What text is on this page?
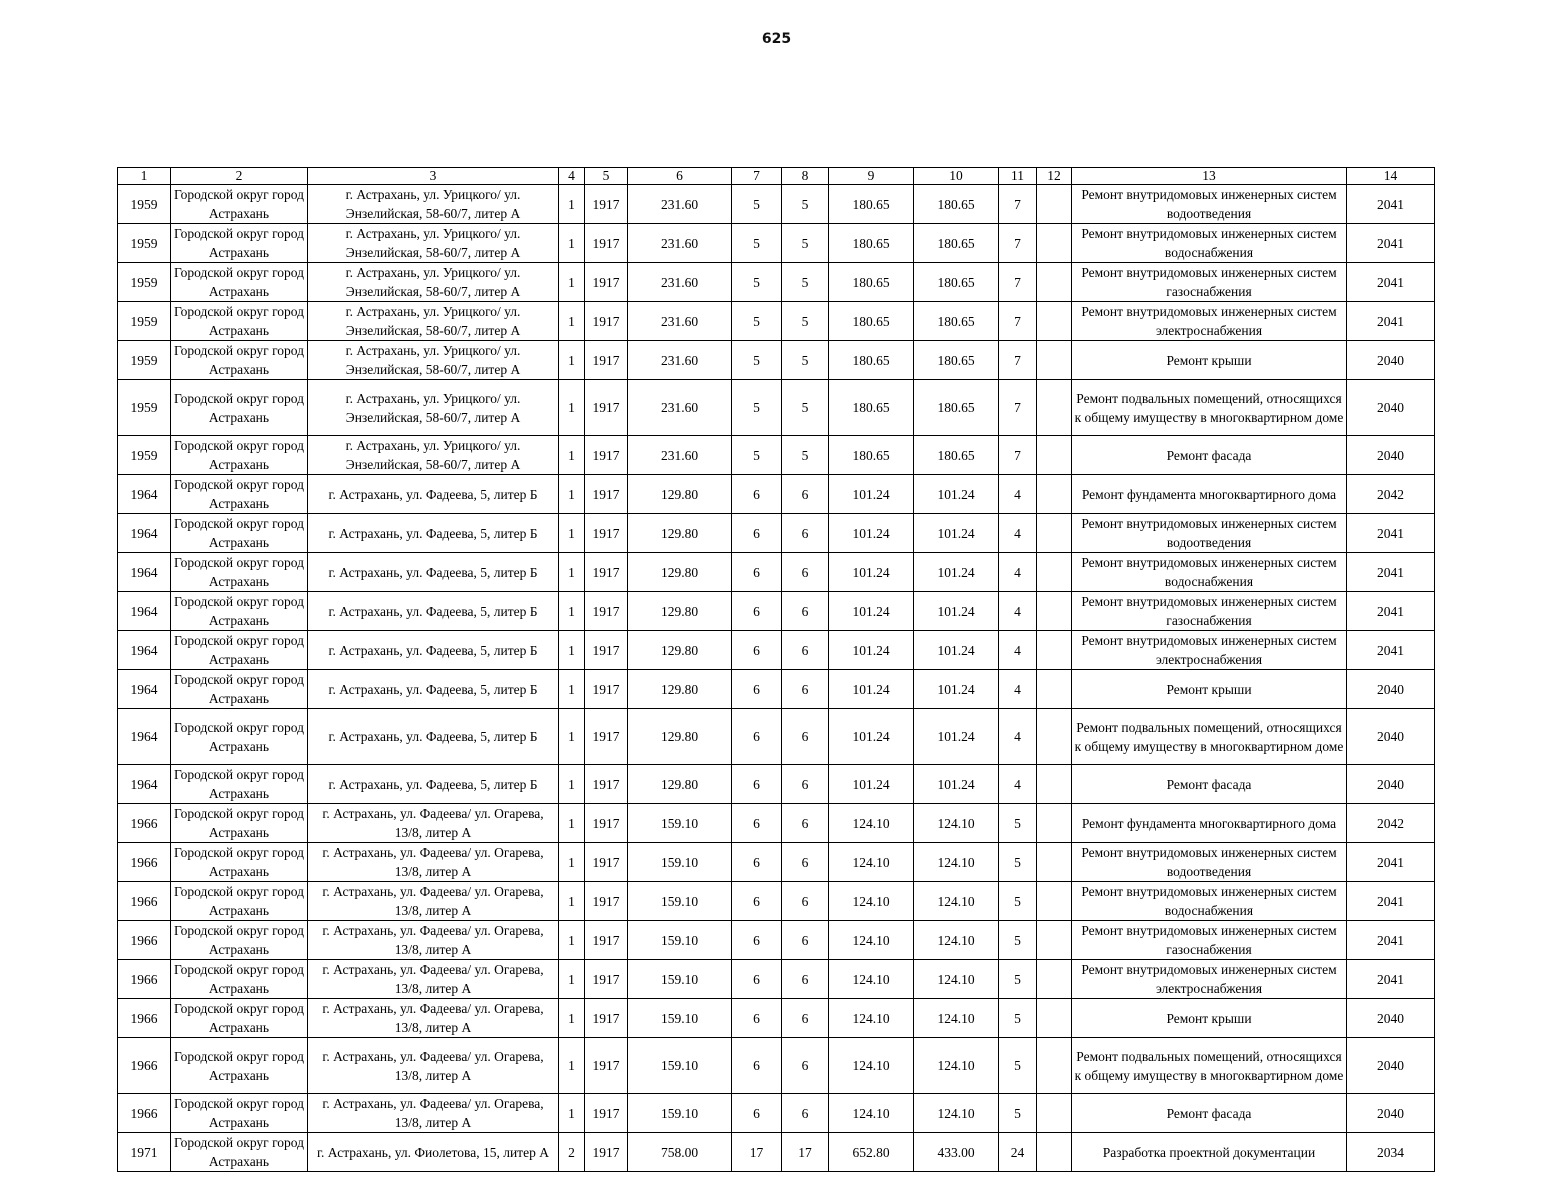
625
1	2	3	4	5	6	7	8	9	10	11	12	13	14
1959	Городской округ город Астрахань	г. Астрахань, ул. Урицкого/ ул. Энзелийская, 58-60/7, литер А	1	1917	231.60	5	5	180.65	180.65	7		Ремонт внутридомовых инженерных систем водоотведения	2041
1959	Городской округ город Астрахань	г. Астрахань, ул. Урицкого/ ул. Энзелийская, 58-60/7, литер А	1	1917	231.60	5	5	180.65	180.65	7		Ремонт внутридомовых инженерных систем водоснабжения	2041
1959	Городской округ город Астрахань	г. Астрахань, ул. Урицкого/ ул. Энзелийская, 58-60/7, литер А	1	1917	231.60	5	5	180.65	180.65	7		Ремонт внутридомовых инженерных систем газоснабжения	2041
1959	Городской округ город Астрахань	г. Астрахань, ул. Урицкого/ ул. Энзелийская, 58-60/7, литер А	1	1917	231.60	5	5	180.65	180.65	7		Ремонт внутридомовых инженерных систем электроснабжения	2041
1959	Городской округ город Астрахань	г. Астрахань, ул. Урицкого/ ул. Энзелийская, 58-60/7, литер А	1	1917	231.60	5	5	180.65	180.65	7		Ремонт крыши	2040
1959	Городской округ город Астрахань	г. Астрахань, ул. Урицкого/ ул. Энзелийская, 58-60/7, литер А	1	1917	231.60	5	5	180.65	180.65	7		Ремонт подвальных помещений, относящихся к общему имуществу в многоквартирном доме	2040
1959	Городской округ город Астрахань	г. Астрахань, ул. Урицкого/ ул. Энзелийская, 58-60/7, литер А	1	1917	231.60	5	5	180.65	180.65	7		Ремонт фасада	2040
1964	Городской округ город Астрахань	г. Астрахань, ул. Фадеева, 5, литер Б	1	1917	129.80	6	6	101.24	101.24	4		Ремонт фундамента многоквартирного дома	2042
1964	Городской округ город Астрахань	г. Астрахань, ул. Фадеева, 5, литер Б	1	1917	129.80	6	6	101.24	101.24	4		Ремонт внутридомовых инженерных систем водоотведения	2041
1964	Городской округ город Астрахань	г. Астрахань, ул. Фадеева, 5, литер Б	1	1917	129.80	6	6	101.24	101.24	4		Ремонт внутридомовых инженерных систем водоснабжения	2041
1964	Городской округ город Астрахань	г. Астрахань, ул. Фадеева, 5, литер Б	1	1917	129.80	6	6	101.24	101.24	4		Ремонт внутридомовых инженерных систем газоснабжения	2041
1964	Городской округ город Астрахань	г. Астрахань, ул. Фадеева, 5, литер Б	1	1917	129.80	6	6	101.24	101.24	4		Ремонт внутридомовых инженерных систем электроснабжения	2041
1964	Городской округ город Астрахань	г. Астрахань, ул. Фадеева, 5, литер Б	1	1917	129.80	6	6	101.24	101.24	4		Ремонт крыши	2040
1964	Городской округ город Астрахань	г. Астрахань, ул. Фадеева, 5, литер Б	1	1917	129.80	6	6	101.24	101.24	4		Ремонт подвальных помещений, относящихся к общему имуществу в многоквартирном доме	2040
1964	Городской округ город Астрахань	г. Астрахань, ул. Фадеева, 5, литер Б	1	1917	129.80	6	6	101.24	101.24	4		Ремонт фасада	2040
1966	Городской округ город Астрахань	г. Астрахань, ул. Фадеева/ ул. Огарева, 13/8, литер А	1	1917	159.10	6	6	124.10	124.10	5		Ремонт фундамента многоквартирного дома	2042
1966	Городской округ город Астрахань	г. Астрахань, ул. Фадеева/ ул. Огарева, 13/8, литер А	1	1917	159.10	6	6	124.10	124.10	5		Ремонт внутридомовых инженерных систем водоотведения	2041
1966	Городской округ город Астрахань	г. Астрахань, ул. Фадеева/ ул. Огарева, 13/8, литер А	1	1917	159.10	6	6	124.10	124.10	5		Ремонт внутридомовых инженерных систем водоснабжения	2041
1966	Городской округ город Астрахань	г. Астрахань, ул. Фадеева/ ул. Огарева, 13/8, литер А	1	1917	159.10	6	6	124.10	124.10	5		Ремонт внутридомовых инженерных систем газоснабжения	2041
1966	Городской округ город Астрахань	г. Астрахань, ул. Фадеева/ ул. Огарева, 13/8, литер А	1	1917	159.10	6	6	124.10	124.10	5		Ремонт внутридомовых инженерных систем электроснабжения	2041
1966	Городской округ город Астрахань	г. Астрахань, ул. Фадеева/ ул. Огарева, 13/8, литер А	1	1917	159.10	6	6	124.10	124.10	5		Ремонт крыши	2040
1966	Городской округ город Астрахань	г. Астрахань, ул. Фадеева/ ул. Огарева, 13/8, литер А	1	1917	159.10	6	6	124.10	124.10	5		Ремонт подвальных помещений, относящихся к общему имуществу в многоквартирном доме	2040
1966	Городской округ город Астрахань	г. Астрахань, ул. Фадеева/ ул. Огарева, 13/8, литер А	1	1917	159.10	6	6	124.10	124.10	5		Ремонт фасада	2040
1971	Городской округ город Астрахань	г. Астрахань, ул. Фиолетова, 15, литер А	2	1917	758.00	17	17	652.80	433.00	24		Разработка проектной документации	2034
